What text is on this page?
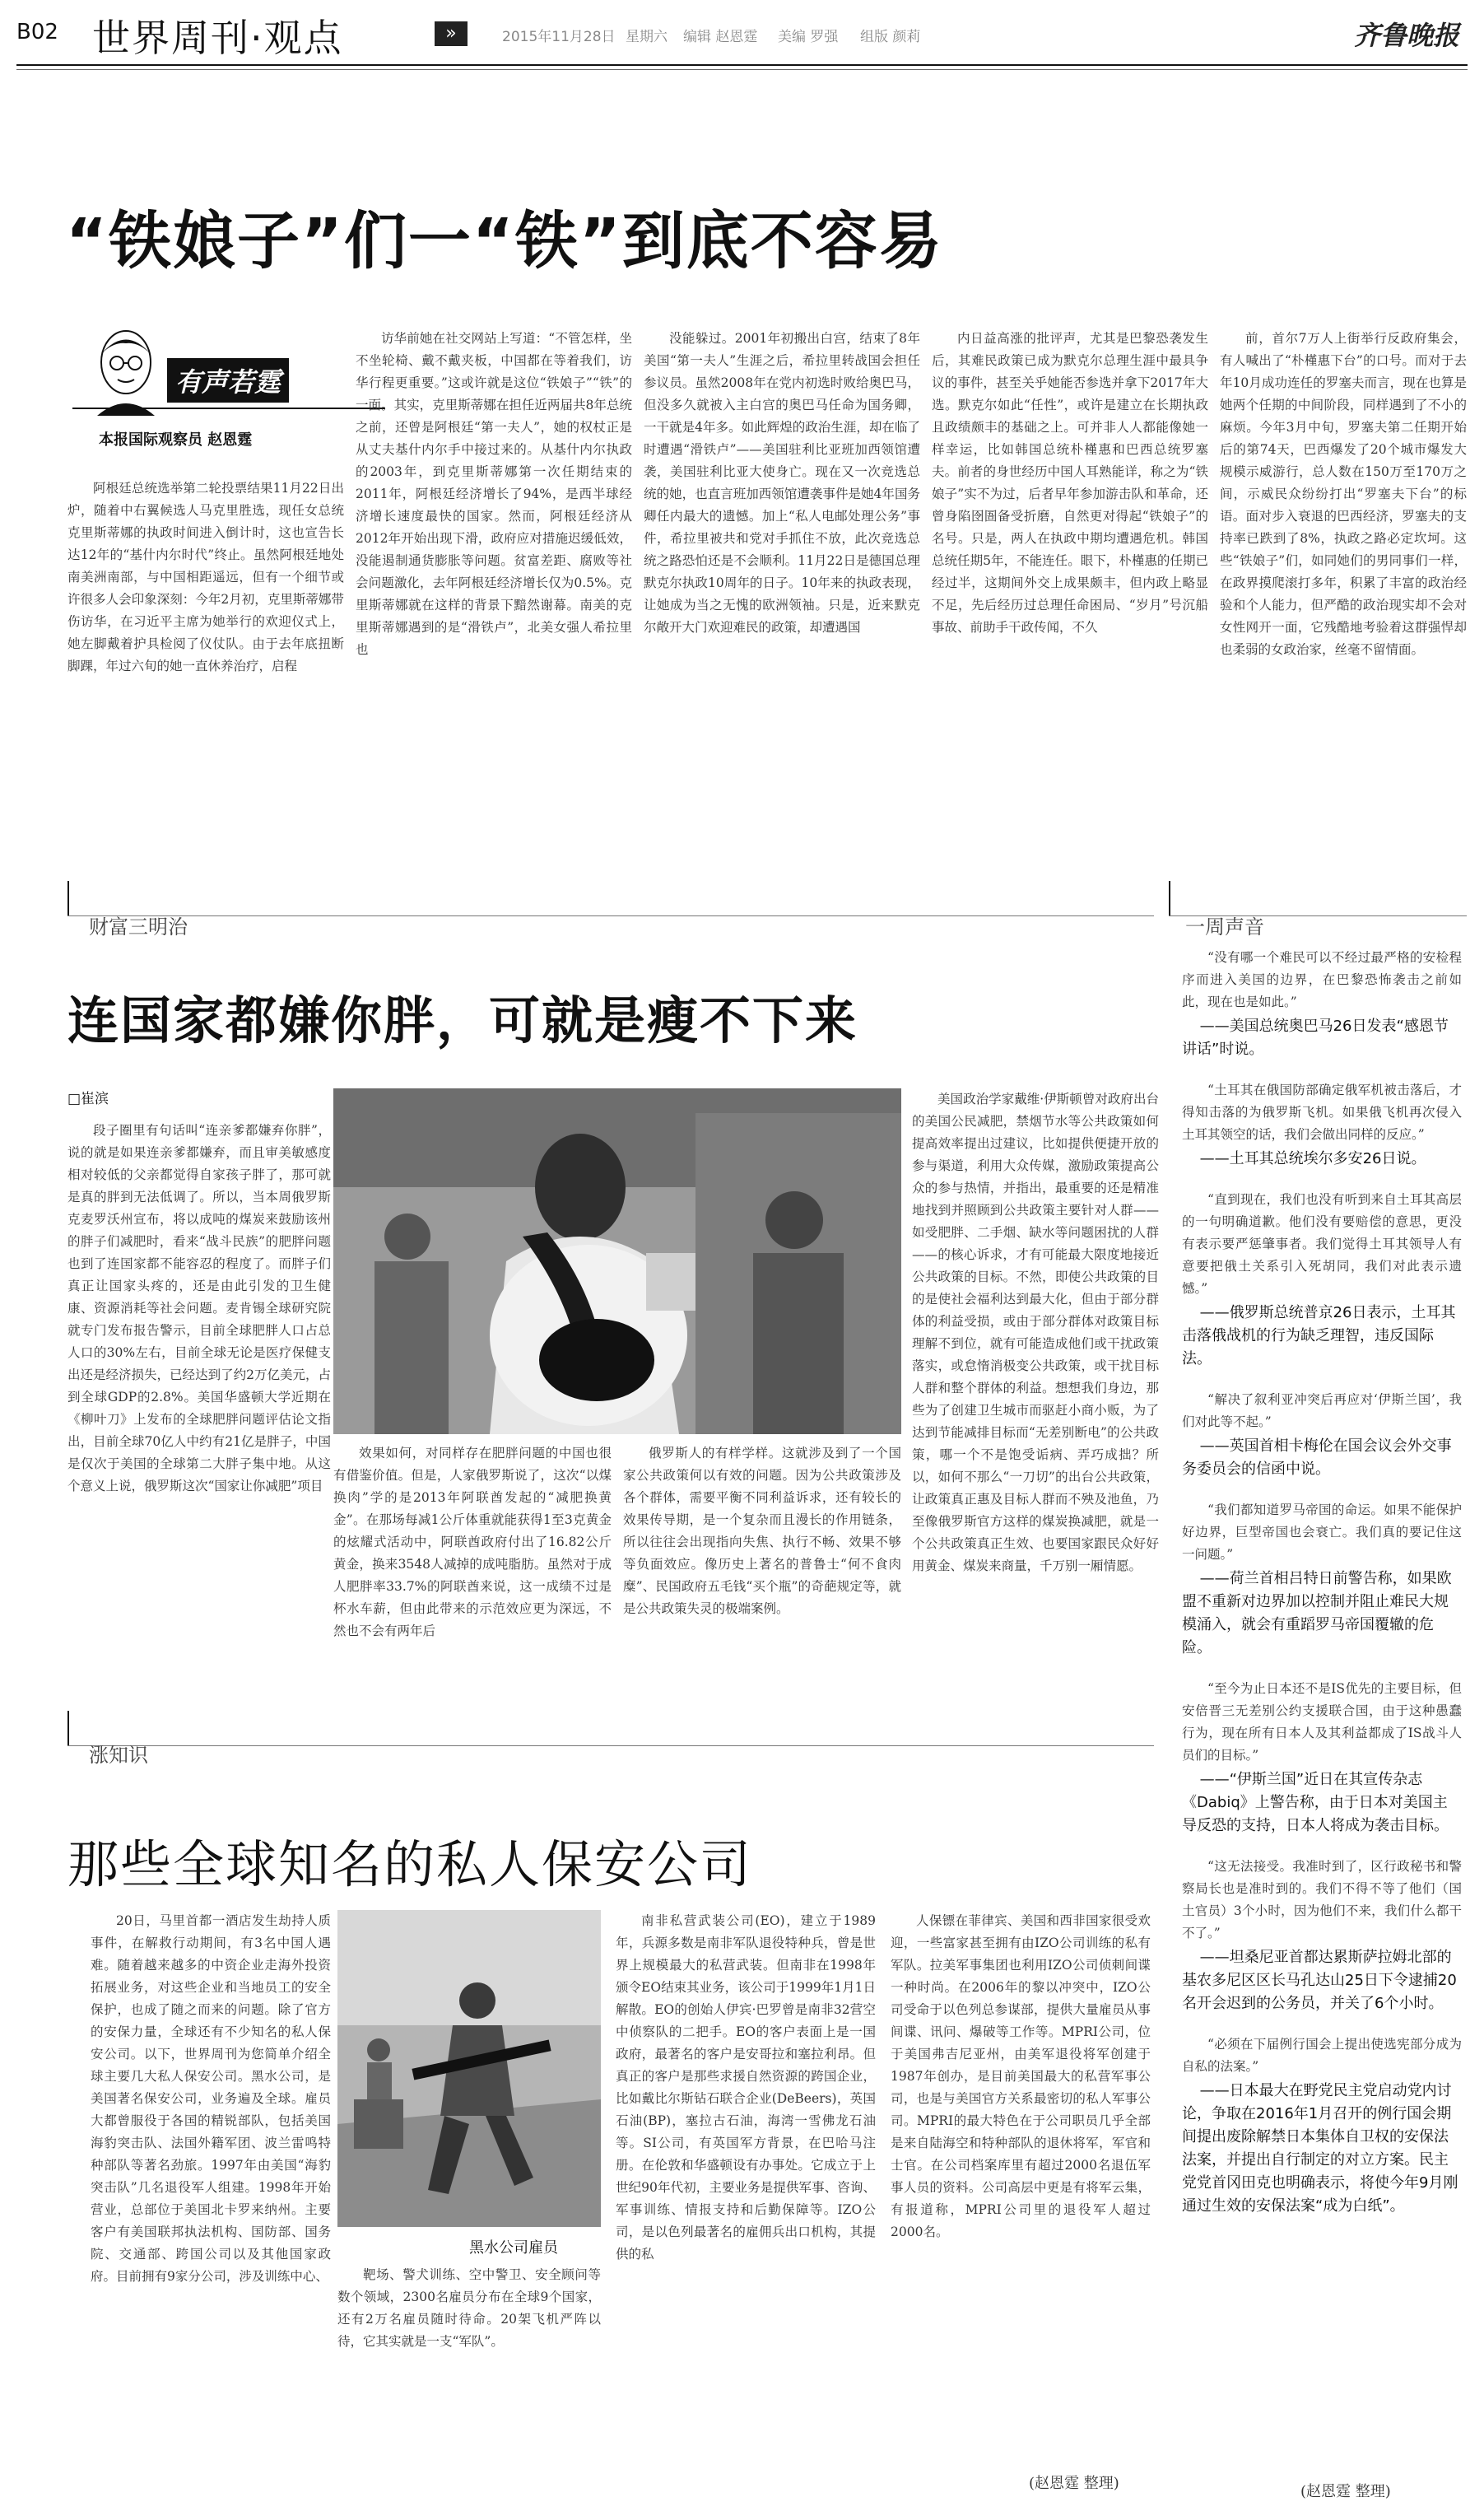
B02 世界周刊·观点	»	2015年11月28日 星期六 编辑 赵恩霆 美编 罗强 组版 颜莉	齐鲁晚报
“铁娘子”们一“铁”到底不容易
有声若霆
本报国际观察员 赵恩霆

阿根廷总统选举第二轮投票结果11月22日出炉，随着中右翼候选人马克里胜选，现任女总统克里斯蒂娜的执政时间进入倒计时，这也宣告长达12年的“基什内尔时代”终止。虽然阿根廷地处南美洲南部，与中国相距遥远，但有一个细节或许很多人会印象深刻：今年2月初，克里斯蒂娜带伤访华，在习近平主席为她举行的欢迎仪式上，她左脚戴着护具检阅了仪仗队。由于去年底扭断脚踝，年过六旬的她一直休养治疗，启程

访华前她在社交网站上写道：“不管怎样，坐不坐轮椅、戴不戴夹板，中国都在等着我们，访华行程更重要。”这或许就是这位“铁娘子”“铁”的一面。其实，克里斯蒂娜在担任近两届共8年总统之前，还曾是阿根廷“第一夫人”，她的权杖正是从丈夫基什内尔手中接过来的。从基什内尔执政的2003年，到克里斯蒂娜第一次任期结束的2011年，阿根廷经济增长了94%，是西半球经济增长速度最快的国家。然而，阿根廷经济从2012年开始出现下滑，政府应对措施迟缓低效，没能遏制通货膨胀等问题。贫富差距、腐败等社会问题激化，去年阿根廷经济增长仅为0.5%。克里斯蒂娜就在这样的背景下黯然谢幕。南美的克里斯蒂娜遇到的是“滑铁卢”，北美女强人希拉里也

没能躲过。2001年初搬出白宫，结束了8年美国“第一夫人”生涯之后，希拉里转战国会担任参议员。虽然2008年在党内初选时败给奥巴马，但没多久就被入主白宫的奥巴马任命为国务卿，一干就是4年多。如此辉煌的政治生涯，却在临了时遭遇“滑铁卢”——美国驻利比亚班加西领馆遭袭，美国驻利比亚大使身亡。现在又一次竞选总统的她，也直言班加西领馆遭袭事件是她4年国务卿任内最大的遗憾。加上“私人电邮处理公务”事件，希拉里被共和党对手抓住不放，此次竞选总统之路恐怕还是不会顺利。11月22日是德国总理默克尔执政10周年的日子。10年来的执政表现，让她成为当之无愧的欧洲领袖。只是，近来默克尔敞开大门欢迎难民的政策，却遭遇国

内日益高涨的批评声，尤其是巴黎恐袭发生后，其难民政策已成为默克尔总理生涯中最具争议的事件，甚至关乎她能否参选并拿下2017年大选。默克尔如此“任性”，或许是建立在长期执政且政绩颇丰的基础之上。可并非人人都能像她一样幸运，比如韩国总统朴槿惠和巴西总统罗塞夫。前者的身世经历中国人耳熟能详，称之为“铁娘子”实不为过，后者早年参加游击队和革命，还曾身陷囹圄备受折磨，自然更对得起“铁娘子”的名号。只是，两人在执政中期均遭遇危机。韩国总统任期5年，不能连任。眼下，朴槿惠的任期已经过半，这期间外交上成果颇丰，但内政上略显不足，先后经历过总理任命困局、“岁月”号沉船事故、前助手干政传闻，不久

前，首尔7万人上街举行反政府集会，有人喊出了“朴槿惠下台”的口号。而对于去年10月成功连任的罗塞夫而言，现在也算是她两个任期的中间阶段，同样遇到了不小的麻烦。今年3月中旬，罗塞夫第二任期开始后的第74天，巴西爆发了20个城市爆发大规模示威游行，总人数在150万至170万之间，示威民众纷纷打出“罗塞夫下台”的标语。面对步入衰退的巴西经济，罗塞夫的支持率已跌到了8%，执政之路必定坎坷。这些“铁娘子”们，如同她们的男同事们一样，在政界摸爬滚打多年，积累了丰富的政治经验和个人能力，但严酷的政治现实却不会对女性网开一面，它残酷地考验着这群强悍却也柔弱的女政治家，丝毫不留情面。

财富三明治
连国家都嫌你胖，可就是瘦不下来
□崔滨

段子圈里有句话叫“连亲爹都嫌弃你胖”，说的就是如果连亲爹都嫌弃，而且审美敏感度相对较低的父亲都觉得自家孩子胖了，那可就是真的胖到无法低调了。所以，当本周俄罗斯克麦罗沃州宣布，将以成吨的煤炭来鼓励该州的胖子们减肥时，看来“战斗民族”的肥胖问题也到了连国家都不能容忍的程度了。而胖子们真正让国家头疼的，还是由此引发的卫生健康、资源消耗等社会问题。麦肯锡全球研究院就专门发布报告警示，目前全球肥胖人口占总人口的30%左右，目前全球无论是医疗保健支出还是经济损失，已经达到了约2万亿美元，占到全球GDP的2.8%。美国华盛顿大学近期在《柳叶刀》上发布的全球肥胖问题评估论文指出，目前全球70亿人中约有21亿是胖子，中国是仅次于美国的全球第二大胖子集中地。从这个意义上说，俄罗斯这次“国家让你减肥”项目

效果如何，对同样存在肥胖问题的中国也很有借鉴价值。但是，人家俄罗斯说了，这次“以煤换肉”学的是2013年阿联酋发起的“减肥换黄金”。在那场每减1公斤体重就能获得1至3克黄金的炫耀式活动中，阿联酋政府付出了16.82公斤黄金，换来3548人减掉的成吨脂肪。虽然对于成人肥胖率33.7%的阿联酋来说，这一成绩不过是杯水车薪，但由此带来的示范效应更为深远，不然也不会有两年后

俄罗斯人的有样学样。这就涉及到了一个国家公共政策何以有效的问题。因为公共政策涉及各个群体，需要平衡不同利益诉求，还有较长的效果传导期，是一个复杂而且漫长的作用链条，所以往往会出现指向失焦、执行不畅、效果不够等负面效应。像历史上著名的普鲁士“何不食肉糜”、民国政府五毛钱“买个瓶”的奇葩规定等，就是公共政策失灵的极端案例。

美国政治学家戴维·伊斯顿曾对政府出台的美国公民减肥，禁烟节水等公共政策如何提高效率提出过建议，比如提供便捷开放的参与渠道，利用大众传媒，激励政策提高公众的参与热情，并指出，最重要的还是精准地找到并照顾到公共政策主要针对人群——如受肥胖、二手烟、缺水等问题困扰的人群——的核心诉求，才有可能最大限度地接近公共政策的目标。不然，即使公共政策的目的是使社会福利达到最大化，但由于部分群体的利益受损，或由于部分群体对政策目标理解不到位，就有可能造成他们或干扰政策落实，或怠惰消极变公共政策，或干扰目标人群和整个群体的利益。想想我们身边，那些为了创建卫生城市而驱赶小商小贩，为了达到节能减排目标而“无差别断电”的公共政策，哪一个不是饱受诟病、弄巧成拙？所以，如何不那么“一刀切”的出台公共政策，让政策真正惠及目标人群而不殃及池鱼，乃至像俄罗斯官方这样的煤炭换减肥，就是一个公共政策真正生效、也要国家跟民众好好用黄金、煤炭来商量，千万别一厢情愿。

涨知识
那些全球知名的私人保安公司

20日，马里首都一酒店发生劫持人质事件，在解救行动期间，有3名中国人遇难。随着越来越多的中资企业走海外投资拓展业务，对这些企业和当地员工的安全保护，也成了随之而来的问题。除了官方的安保力量，全球还有不少知名的私人保安公司。以下，世界周刊为您简单介绍全球主要几大私人保安公司。黑水公司，是美国著名保安公司，业务遍及全球。雇员大都曾服役于各国的精锐部队，包括美国海豹突击队、法国外籍军团、波兰雷鸣特种部队等著名劲旅。1997年由美国“海豹突击队”几名退役军人组建。1998年开始营业，总部位于美国北卡罗来纳州。主要客户有美国联邦执法机构、国防部、国务院、交通部、跨国公司以及其他国家政府。目前拥有9家分公司，涉及训练中心、

黑水公司雇员

靶场、警犬训练、空中警卫、安全顾问等数个领域，2300名雇员分布在全球9个国家，还有2万名雇员随时待命。20架飞机严阵以待，它其实就是一支“军队”。

南非私营武装公司(EO)，建立于1989年，兵源多数是南非军队退役特种兵，曾是世界上规模最大的私营武装。但南非在1998年颁令EO结束其业务，该公司于1999年1月1日解散。EO的创始人伊宾·巴罗曾是南非32营空中侦察队的二把手。EO的客户表面上是一国政府，最著名的客户是安哥拉和塞拉利昂。但真正的客户是那些求援自然资源的跨国企业，比如戴比尔斯钻石联合企业(DeBeers)，英国石油(BP)，塞拉古石油，海湾一雪佛龙石油等。SI公司，有英国军方背景，在巴哈马注册。在伦敦和华盛顿设有办事处。它成立于上世纪90年代初，主要业务是提供军事、咨询、军事训练、情报支持和后勤保障等。IZO公司，是以色列最著名的雇佣兵出口机构，其提供的私

人保镖在菲律宾、美国和西非国家很受欢迎，一些富家甚至拥有由IZO公司训练的私有军队。拉美军事集团也利用IZO公司侦刺间谍一种时尚。在2006年的黎以冲突中，IZO公司受命于以色列总参谋部，提供大量雇员从事间谍、讯问、爆破等工作等。MPRI公司，位于美国弗吉尼亚州，由美军退役将军创建于1987年创办，是目前美国最大的私营军事公司，也是与美国官方关系最密切的私人军事公司。MPRI的最大特色在于公司职员几乎全部是来自陆海空和特种部队的退休将军，军官和士官。在公司档案库里有超过2000名退伍军事人员的资料。公司高层中更是有将军云集，有报道称，MPRI公司里的退役军人超过2000名。

(赵恩霆 整理)
一周声音

“没有哪一个难民可以不经过最严格的安检程序而进入美国的边界，在巴黎恐怖袭击之前如此，现在也是如此。”

——美国总统奥巴马26日发表“感恩节讲话”时说。

“土耳其在俄国防部确定俄军机被击落后，才得知击落的为俄罗斯飞机。如果俄飞机再次侵入土耳其领空的话，我们会做出同样的反应。”

——土耳其总统埃尔多安26日说。

“直到现在，我们也没有听到来自土耳其高层的一句明确道歉。他们没有要赔偿的意思，更没有表示要严惩肇事者。我们觉得土耳其领导人有意要把俄土关系引入死胡同，我们对此表示遗憾。”

——俄罗斯总统普京26日表示，土耳其击落俄战机的行为缺乏理智，违反国际法。

“解决了叙利亚冲突后再应对‘伊斯兰国’，我们对此等不起。”

——英国首相卡梅伦在国会议会外交事务委员会的信函中说。

“我们都知道罗马帝国的命运。如果不能保护好边界，巨型帝国也会衰亡。我们真的要记住这一问题。”

——荷兰首相吕特日前警告称，如果欧盟不重新对边界加以控制并阻止难民大规模涌入，就会有重蹈罗马帝国覆辙的危险。

“至今为止日本还不是IS优先的主要目标，但安倍晋三无差别公约支援联合国，由于这种愚蠢行为，现在所有日本人及其利益都成了IS战斗人员们的目标。”

——“伊斯兰国”近日在其宣传杂志《Dabiq》上警告称，由于日本对美国主导反恐的支持，日本人将成为袭击目标。

“这无法接受。我准时到了，区行政秘书和警察局长也是准时到的。我们不得不等了他们（国土官员）3个小时，因为他们不来，我们什么都干不了。”

——坦桑尼亚首都达累斯萨拉姆北部的基农多尼区区长马孔达山25日下令逮捕20名开会迟到的公务员，并关了6个小时。

“必须在下届例行国会上提出使选宪部分成为自私的法案。”

——日本最大在野党民主党启动党内讨论，争取在2016年1月召开的例行国会期间提出废除解禁日本集体自卫权的安保法法案，并提出自行制定的对立方案。民主党党首冈田克也明确表示，将使今年9月刚通过生效的安保法案“成为白纸”。

(赵恩霆 整理)
